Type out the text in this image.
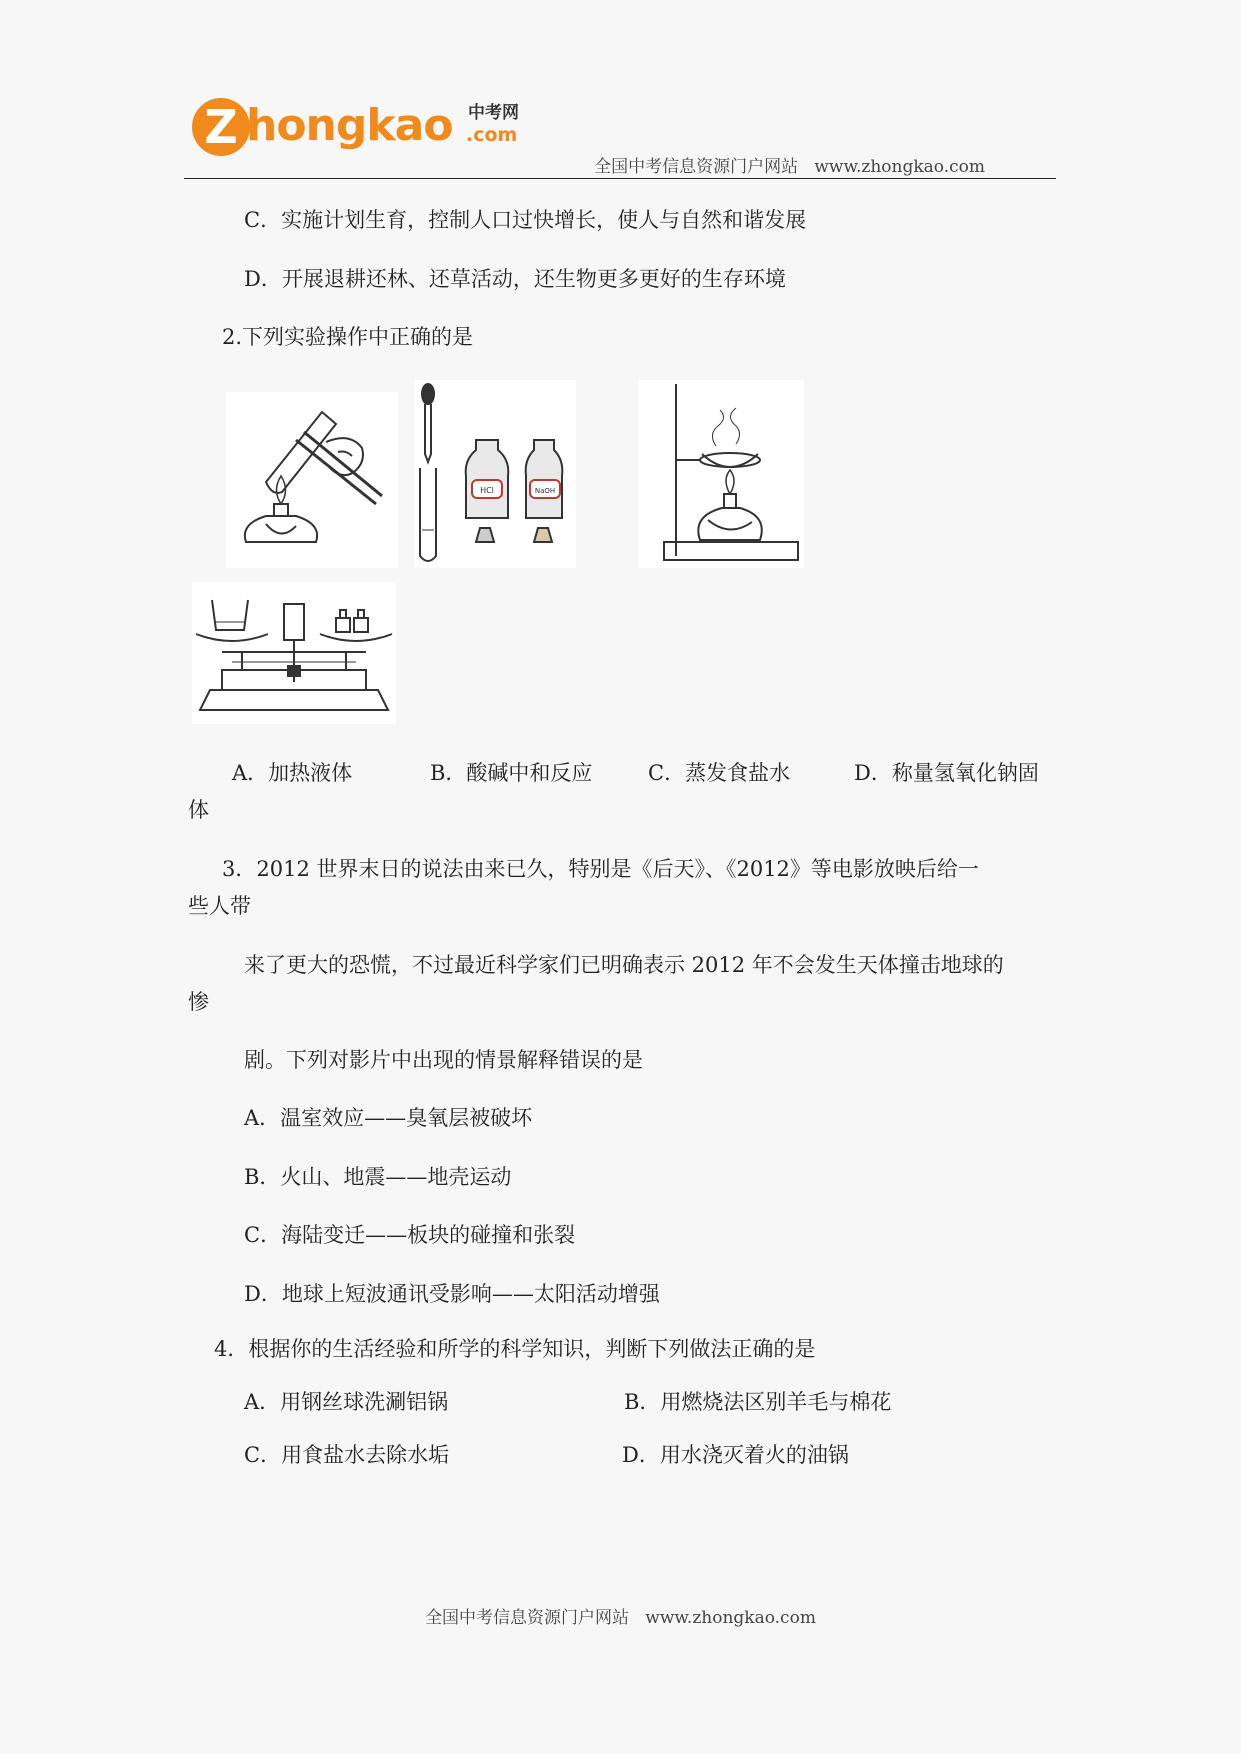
Z hongkao 中考网
.com
全国中考信息资源门户网站   www.zhongkao.com
C．实施计划生育，控制人口过快增长，使人与自然和谐发展
D．开展退耕还林、还草活动，还生物更多更好的生存环境
2.下列实验操作中正确的是
HCl	NaOH
A．加热液体	B．酸碱中和反应	C．蒸发食盐水	D．称量氢氧化钠固
体
3．2012 世界末日的说法由来已久，特别是《后天》、《2012》等电影放映后给一
些人带
来了更大的恐慌，不过最近科学家们已明确表示 2012 年不会发生天体撞击地球的
惨
剧。下列对影片中出现的情景解释错误的是
A．温室效应——臭氧层被破坏
B．火山、地震——地壳运动
C．海陆变迁——板块的碰撞和张裂
D．地球上短波通讯受影响——太阳活动增强
4．根据你的生活经验和所学的科学知识，判断下列做法正确的是
A．用钢丝球洗涮铝锅	B．用燃烧法区别羊毛与棉花
C．用食盐水去除水垢	D．用水浇灭着火的油锅
全国中考信息资源门户网站   www.zhongkao.com
